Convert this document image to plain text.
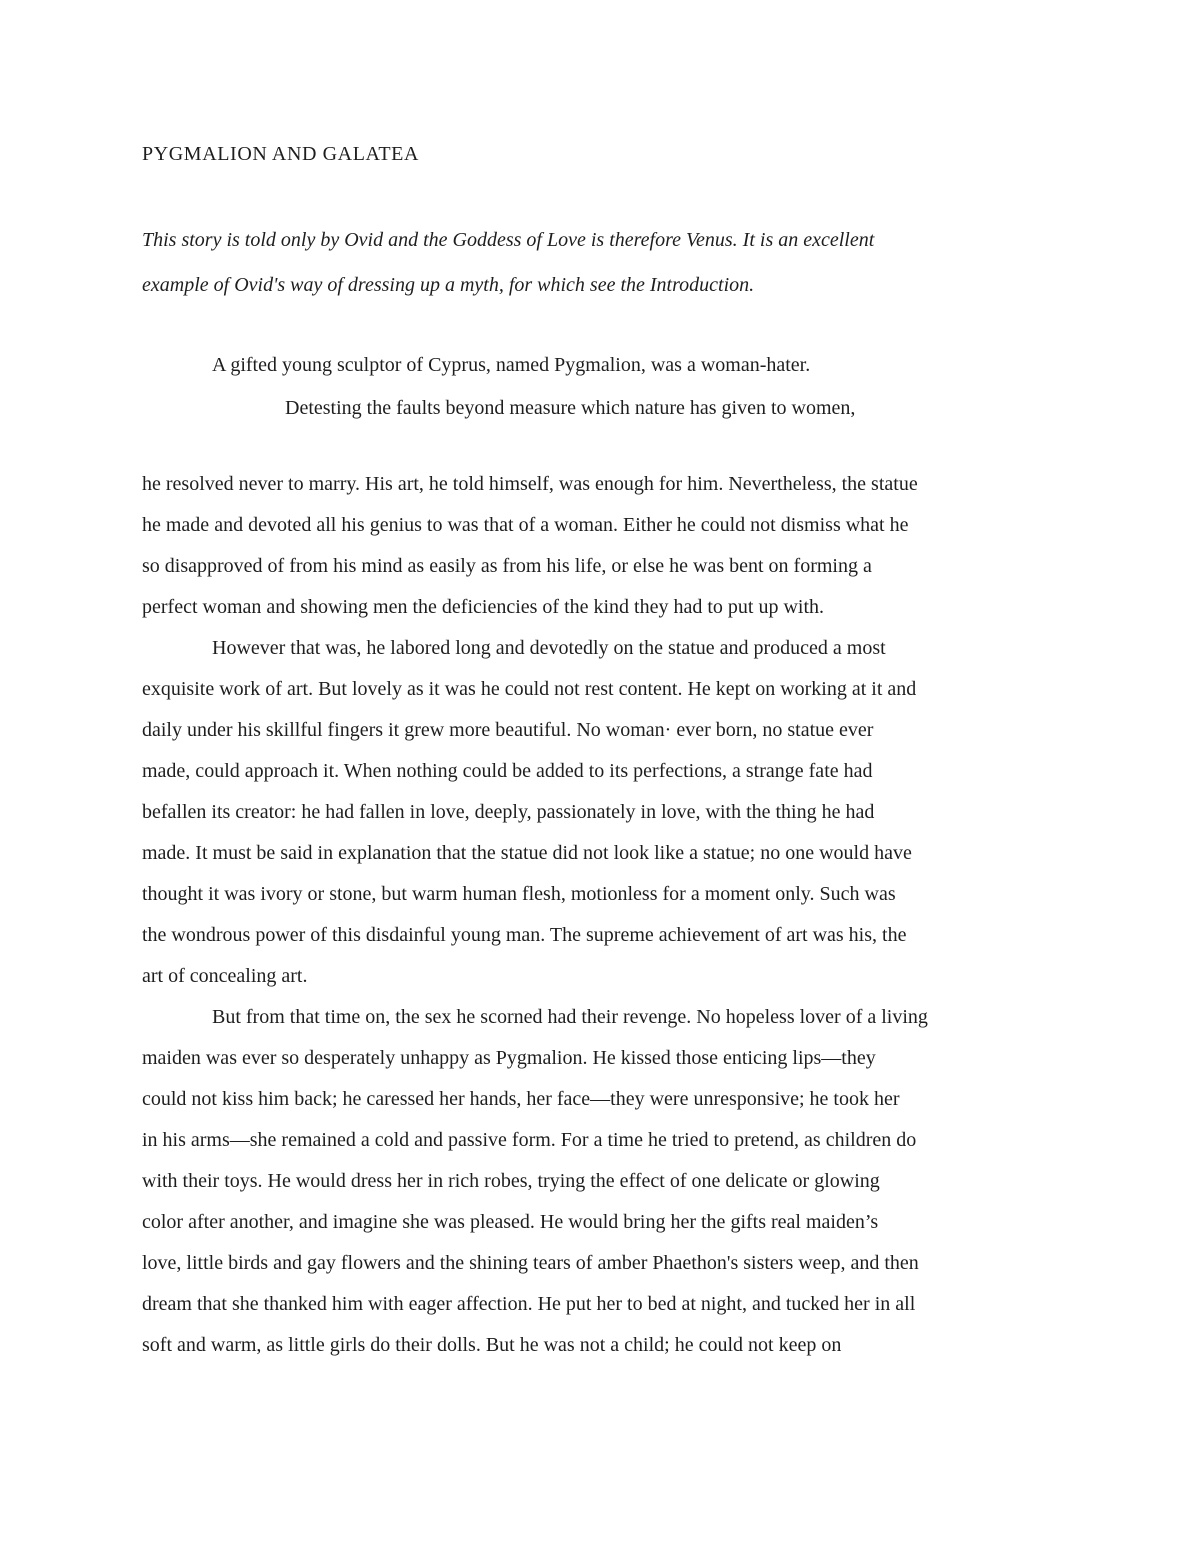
PYGMALION AND GALATEA
This story is told only by Ovid and the Goddess of Love is therefore Venus. It is an excellent
example of Ovid's way of dressing up a myth, for which see the Introduction.
A gifted young sculptor of Cyprus, named Pygmalion, was a woman-hater.
Detesting the faults beyond measure which nature has given to women,
he resolved never to marry. His art, he told himself, was enough for him. Nevertheless, the statue
he made and devoted all his genius to was that of a woman. Either he could not dismiss what he
so disapproved of from his mind as easily as from his life, or else he was bent on forming a
perfect woman and showing men the deficiencies of the kind they had to put up with.
However that was, he labored long and devotedly on the statue and produced a most
exquisite work of art. But lovely as it was he could not rest content. He kept on working at it and
daily under his skillful fingers it grew more beautiful. No woman· ever born, no statue ever
made, could approach it. When nothing could be added to its perfections, a strange fate had
befallen its creator: he had fallen in love, deeply, passionately in love, with the thing he had
made. It must be said in explanation that the statue did not look like a statue; no one would have
thought it was ivory or stone, but warm human flesh, motionless for a moment only. Such was
the wondrous power of this disdainful young man. The supreme achievement of art was his, the
art of concealing art.
But from that time on, the sex he scorned had their revenge. No hopeless lover of a living
maiden was ever so desperately unhappy as Pygmalion. He kissed those enticing lips—they
could not kiss him back; he caressed her hands, her face—they were unresponsive; he took her
in his arms—she remained a cold and passive form. For a time he tried to pretend, as children do
with their toys. He would dress her in rich robes, trying the effect of one delicate or glowing
color after another, and imagine she was pleased. He would bring her the gifts real maiden’s
love, little birds and gay flowers and the shining tears of amber Phaethon's sisters weep, and then
dream that she thanked him with eager affection. He put her to bed at night, and tucked her in all
soft and warm, as little girls do their dolls. But he was not a child; he could not keep on
